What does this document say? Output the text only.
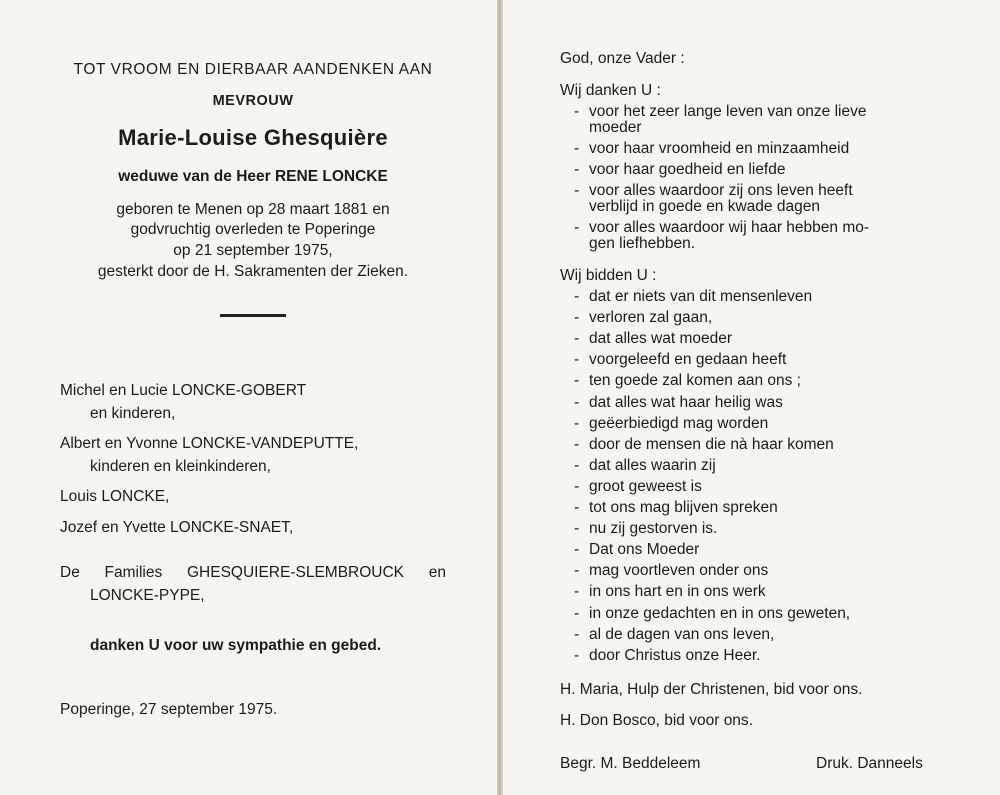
TOT VROOM EN DIERBAAR AANDENKEN AAN
MEVROUW
Marie-Louise Ghesquière
weduwe van de Heer RENE LONCKE
geboren te Menen op 28 maart 1881 en
godvruchtig overleden te Poperinge
op 21 september 1975,
gesterkt door de H. Sakramenten der Zieken.
Michel en Lucie LONCKE-GOBERT
en kinderen,
Albert en Yvonne LONCKE-VANDEPUTTE,
kinderen en kleinkinderen,
Louis LONCKE,
Jozef en Yvette LONCKE-SNAET,
De Families GHESQUIERE-SLEMBROUCK en
LONCKE-PYPE,
danken U voor uw sympathie en gebed.
Poperinge, 27 september 1975.
God, onze Vader :
Wij danken U :
- voor het zeer lange leven van onze lieve
moeder
- voor haar vroomheid en minzaamheid
- voor haar goedheid en liefde
- voor alles waardoor zij ons leven heeft
verblijd in goede en kwade dagen
- voor alles waardoor wij haar hebben mo-
gen liefhebben.
Wij bidden U :
- dat er niets van dit mensenleven
- verloren zal gaan,
- dat alles wat moeder
- voorgeleefd en gedaan heeft
- ten goede zal komen aan ons ;
- dat alles wat haar heilig was
- geëerbiedigd mag worden
- door de mensen die nà haar komen
- dat alles waarin zij
- groot geweest is
- tot ons mag blijven spreken
- nu zij gestorven is.
- Dat ons Moeder
- mag voortleven onder ons
- in ons hart en in ons werk
- in onze gedachten en in ons geweten,
- al de dagen van ons leven,
- door Christus onze Heer.
H. Maria, Hulp der Christenen, bid voor ons.
H. Don Bosco, bid voor ons.
Begr. M. Beddeleem	Druk. Danneels
